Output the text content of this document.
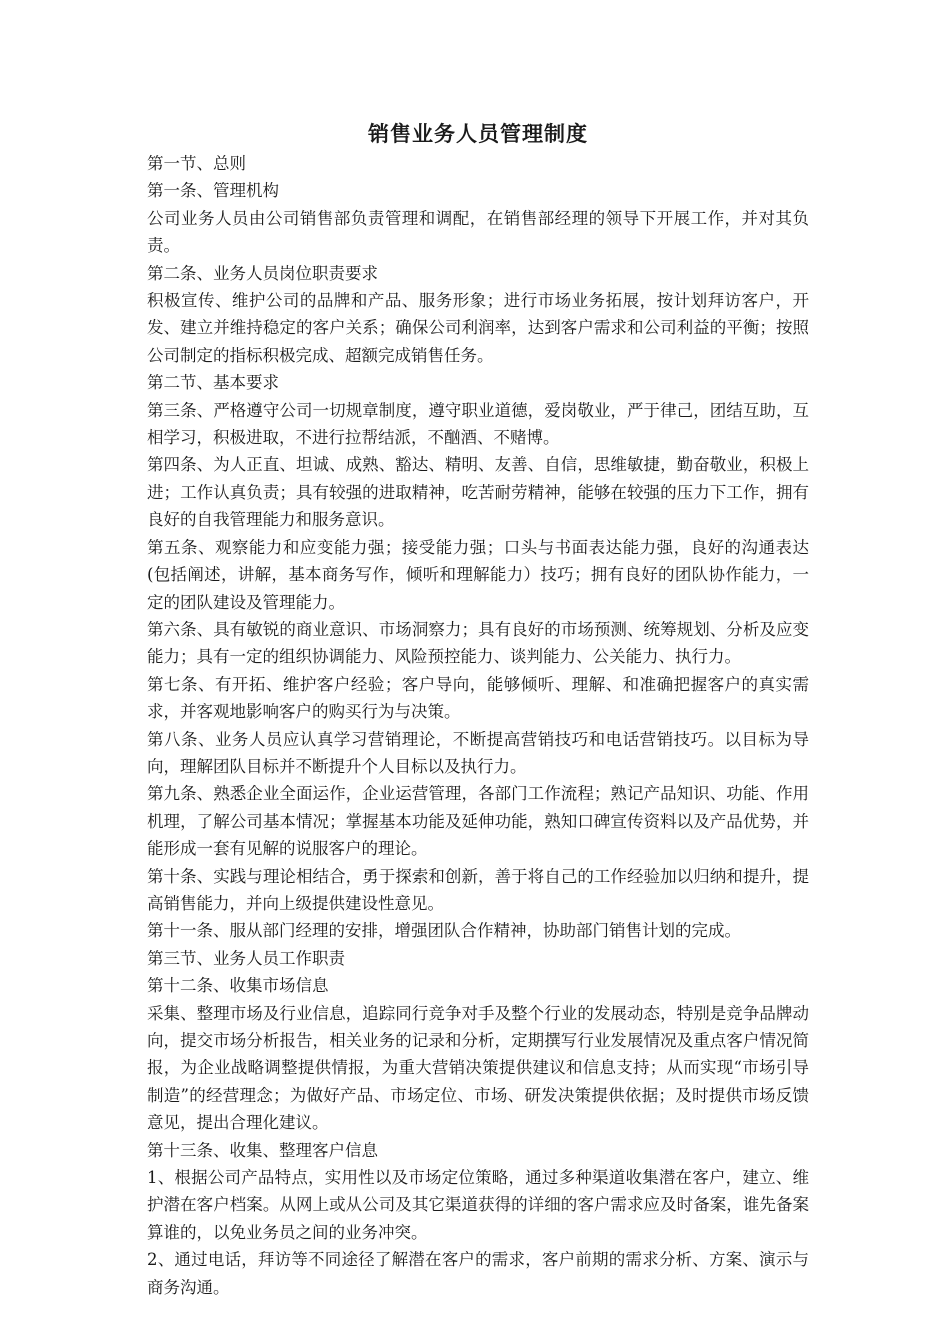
销售业务人员管理制度

第一节、总则

第一条、管理机构

公司业务人员由公司销售部负责管理和调配，在销售部经理的领导下开展工作，并对其负责。

第二条、业务人员岗位职责要求

积极宣传、维护公司的品牌和产品、服务形象；进行市场业务拓展，按计划拜访客户，开发、建立并维持稳定的客户关系；确保公司利润率，达到客户需求和公司利益的平衡；按照公司制定的指标积极完成、超额完成销售任务。

第二节、基本要求

第三条、严格遵守公司一切规章制度，遵守职业道德，爱岗敬业，严于律己，团结互助，互相学习，积极进取，不进行拉帮结派，不酗酒、不赌博。

第四条、为人正直、坦诚、成熟、豁达、精明、友善、自信，思维敏捷，勤奋敬业，积极上进；工作认真负责；具有较强的进取精神，吃苦耐劳精神，能够在较强的压力下工作，拥有良好的自我管理能力和服务意识。

第五条、观察能力和应变能力强；接受能力强；口头与书面表达能力强，良好的沟通表达(包括阐述，讲解，基本商务写作，倾听和理解能力）技巧；拥有良好的团队协作能力，一定的团队建设及管理能力。

第六条、具有敏锐的商业意识、市场洞察力；具有良好的市场预测、统筹规划、分析及应变能力；具有一定的组织协调能力、风险预控能力、谈判能力、公关能力、执行力。

第七条、有开拓、维护客户经验；客户导向，能够倾听、理解、和准确把握客户的真实需求，并客观地影响客户的购买行为与决策。

第八条、业务人员应认真学习营销理论，不断提高营销技巧和电话营销技巧。以目标为导向，理解团队目标并不断提升个人目标以及执行力。

第九条、熟悉企业全面运作，企业运营管理，各部门工作流程；熟记产品知识、功能、作用机理，了解公司基本情况；掌握基本功能及延伸功能，熟知口碑宣传资料以及产品优势，并能形成一套有见解的说服客户的理论。

第十条、实践与理论相结合，勇于探索和创新，善于将自己的工作经验加以归纳和提升，提高销售能力，并向上级提供建设性意见。

第十一条、服从部门经理的安排，增强团队合作精神，协助部门销售计划的完成。

第三节、业务人员工作职责

第十二条、收集市场信息

采集、整理市场及行业信息，追踪同行竞争对手及整个行业的发展动态，特别是竞争品牌动向，提交市场分析报告，相关业务的记录和分析，定期撰写行业发展情况及重点客户情况简报，为企业战略调整提供情报，为重大营销决策提供建议和信息支持；从而实现“市场引导制造”的经营理念；为做好产品、市场定位、市场、研发决策提供依据；及时提供市场反馈意见，提出合理化建议。

第十三条、收集、整理客户信息

1、根据公司产品特点，实用性以及市场定位策略，通过多种渠道收集潜在客户，建立、维护潜在客户档案。从网上或从公司及其它渠道获得的详细的客户需求应及时备案，谁先备案算谁的，以免业务员之间的业务冲突。

2、通过电话，拜访等不同途径了解潜在客户的需求，客户前期的需求分析、方案、演示与商务沟通。
